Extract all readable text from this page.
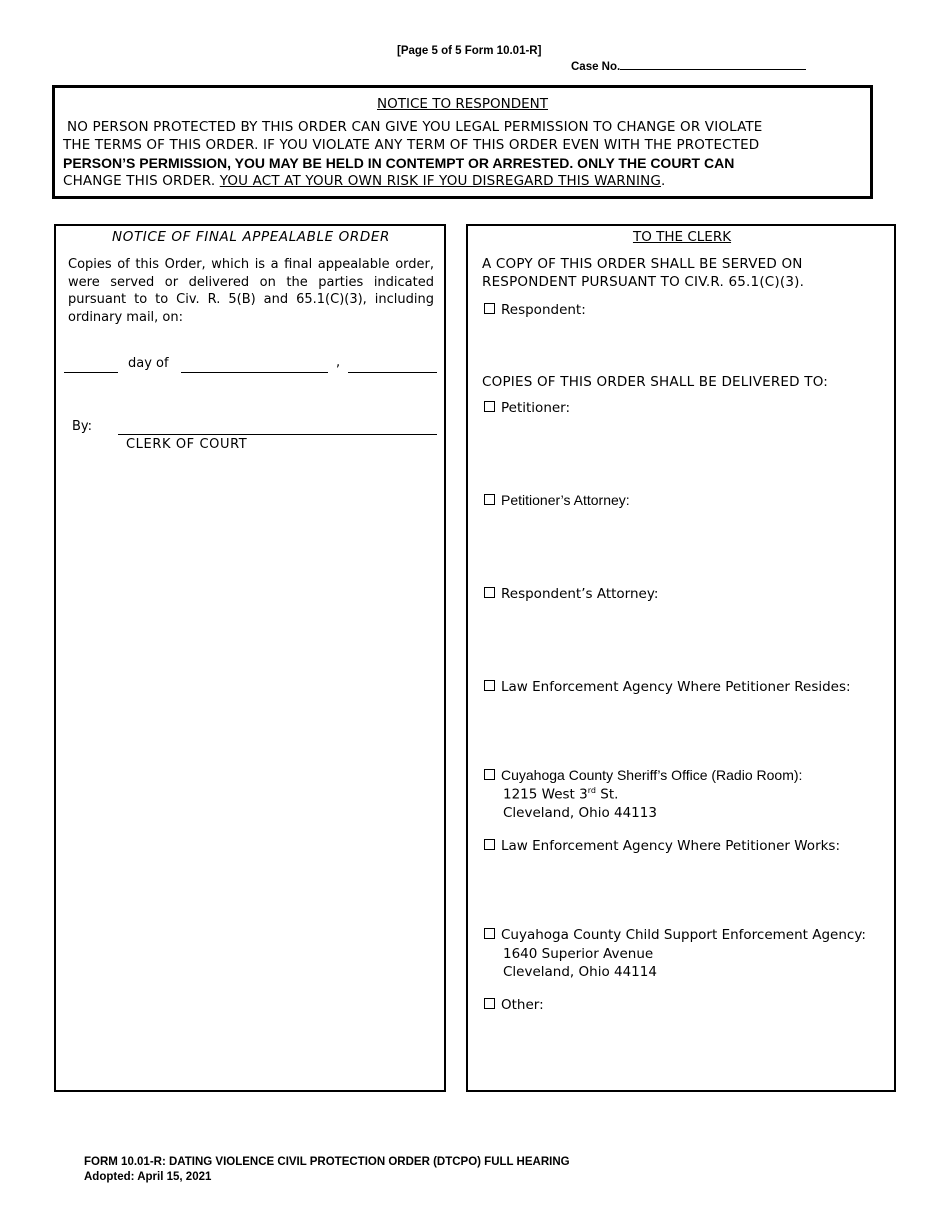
[Page 5 of 5 Form 10.01-R]
Case No.
NOTICE TO RESPONDENT
NO PERSON PROTECTED BY THIS ORDER CAN GIVE YOU LEGAL PERMISSION TO CHANGE OR VIOLATE
THE TERMS OF THIS ORDER. IF YOU VIOLATE ANY TERM OF THIS ORDER EVEN WITH THE PROTECTED
PERSON’S PERMISSION, YOU MAY BE HELD IN CONTEMPT OR ARRESTED. ONLY THE COURT CAN
CHANGE THIS ORDER. YOU ACT AT YOUR OWN RISK IF YOU DISREGARD THIS WARNING.
NOTICE OF FINAL APPEALABLE ORDER
Copies of this Order, which is a final appealable order,
were served or delivered on the parties indicated
pursuant to to Civ. R. 5(B) and 65.1(C)(3), including
ordinary mail, on:
day of	,
By:
CLERK OF COURT
TO THE CLERK
A COPY OF THIS ORDER SHALL BE SERVED ON
RESPONDENT PURSUANT TO CIV.R. 65.1(C)(3).
Respondent:
COPIES OF THIS ORDER SHALL BE DELIVERED TO:
Petitioner:
Petitioner’s Attorney:
Respondent’s Attorney:
Law Enforcement Agency Where Petitioner Resides:
Cuyahoga County Sheriff’s Office (Radio Room):
1215 West 3rd St.
Cleveland, Ohio 44113
Law Enforcement Agency Where Petitioner Works:
Cuyahoga County Child Support Enforcement Agency:
1640 Superior Avenue
Cleveland, Ohio 44114
Other:
FORM 10.01-R: DATING VIOLENCE CIVIL PROTECTION ORDER (DTCPO) FULL HEARING
Adopted: April 15, 2021
